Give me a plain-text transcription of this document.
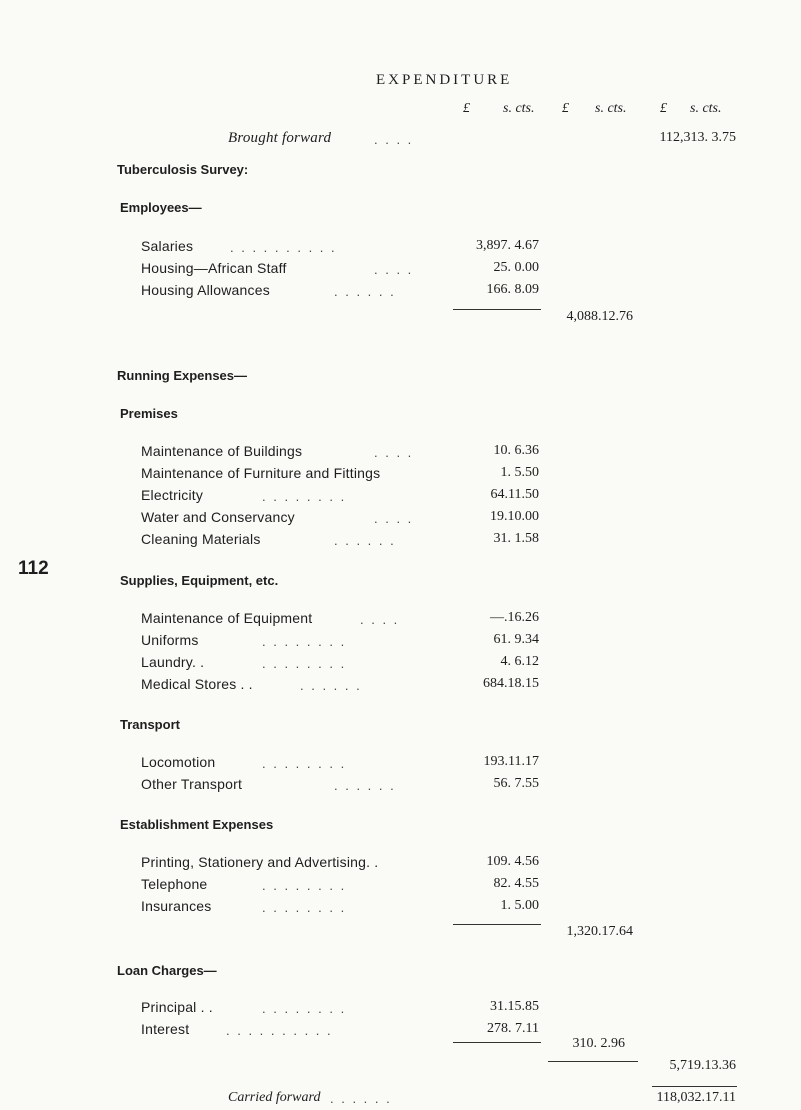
EXPENDITURE
£ s. cts. £ s. cts. £ s. cts.
Brought forward	. . . .	112,313. 3.75
Tuberculosis Survey:
Employees—
Salaries	. . . . . . . . . .	3,897. 4.67
Housing—African Staff	. . . .	25. 0.00
Housing Allowances	. . . . . .	166. 8.09
4,088.12.76
Running Expenses—
Premises
Maintenance of Buildings	. . . .	10. 6.36
Maintenance of Furniture and Fittings	1. 5.50
Electricity	. . . . . . . .	64.11.50
Water and Conservancy	. . . .	19.10.00
Cleaning Materials	. . . . . .	31. 1.58
Supplies, Equipment, etc.
Maintenance of Equipment	. . . .	—.16.26
Uniforms	. . . . . . . .	61. 9.34
Laundry. .	. . . . . . . .	4. 6.12
Medical Stores . .	. . . . . .	684.18.15
112
Transport
Locomotion	. . . . . . . .	193.11.17
Other Transport	. . . . . .	56. 7.55
Establishment Expenses
Printing, Stationery and Advertising. .	109. 4.56
Telephone	. . . . . . . .	82. 4.55
Insurances	. . . . . . . .	1. 5.00
1,320.17.64
Loan Charges—
Principal . .	. . . . . . . .	31.15.85
Interest	. . . . . . . . . .	278. 7.11
310. 2.96
5,719.13.36
Carried forward . . . . . .	118,032.17.11
